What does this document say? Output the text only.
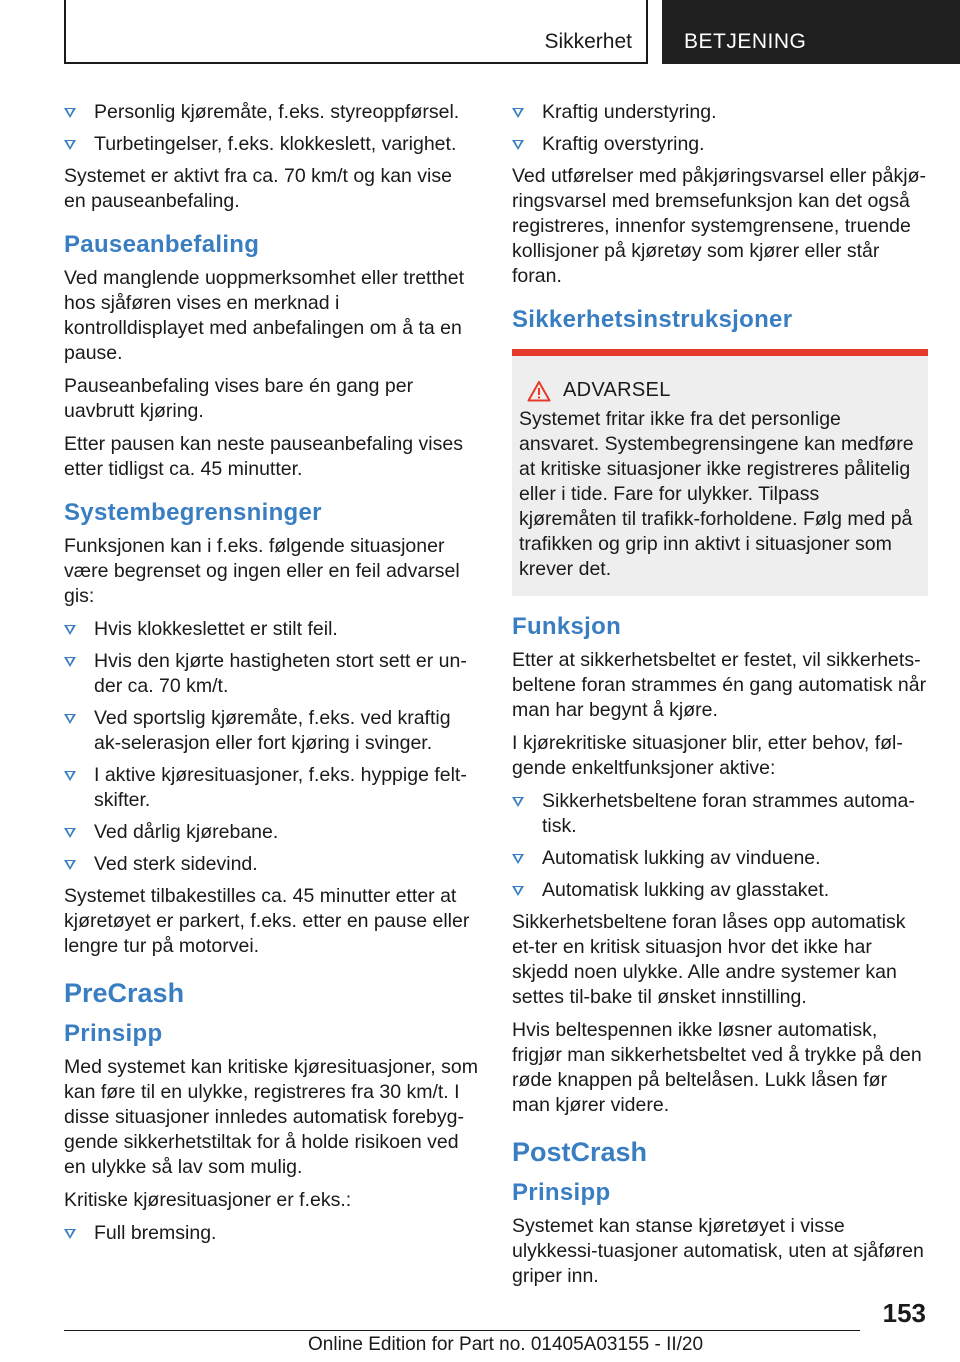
Sikkerhet BETJENING
Personlig kjøremåte, f.eks. styreoppførsel.
Turbetingelser, f.eks. klokkeslett, varighet.

Systemet er aktivt fra ca. 70 km/t og kan vise en pauseanbefaling.

Pauseanbefaling

Ved manglende uoppmerksomhet eller tretthet hos sjåføren vises en merknad i kontrolldisplayet med anbefalingen om å ta en pause.

Pauseanbefaling vises bare én gang per uavbrutt kjøring.

Etter pausen kan neste pauseanbefaling vises etter tidligst ca. 45 minutter.

Systembegrensninger

Funksjonen kan i f.eks. følgende situasjoner være begrenset og ingen eller en feil advarsel gis:

Hvis klokkeslettet er stilt feil.
Hvis den kjørte hastigheten stort sett er un-der ca. 70 km/t.
Ved sportslig kjøremåte, f.eks. ved kraftig ak-selerasjon eller fort kjøring i svinger.
I aktive kjøresituasjoner, f.eks. hyppige felt-skifter.
Ved dårlig kjørebane.
Ved sterk sidevind.

Systemet tilbakestilles ca. 45 minutter etter at kjøretøyet er parkert, f.eks. etter en pause eller lengre tur på motorvei.

PreCrash
Prinsipp

Med systemet kan kritiske kjøresituasjoner, som kan føre til en ulykke, registreres fra 30 km/t. I disse situasjoner innledes automatisk forebyg-gende sikkerhetstiltak for å holde risikoen ved en ulykke så lav som mulig.

Kritiske kjøresituasjoner er f.eks.:

Full bremsing.
Kraftig understyring.
Kraftig overstyring.

Ved utførelser med påkjøringsvarsel eller påkjø-ringsvarsel med bremsefunksjon kan det også registreres, innenfor systemgrensene, truende kollisjoner på kjøretøy som kjører eller står foran.

Sikkerhetsinstruksjoner
ADVARSEL

Systemet fritar ikke fra det personlige ansvaret. Systembegrensingene kan medføre at kritiske situasjoner ikke registreres pålitelig eller i tide. Fare for ulykker. Tilpass kjøremåten til trafikk-forholdene. Følg med på trafikken og grip inn aktivt i situasjoner som krever det.

Funksjon

Etter at sikkerhetsbeltet er festet, vil sikkerhets-beltene foran strammes én gang automatisk når man har begynt å kjøre.

I kjørekritiske situasjoner blir, etter behov, føl-gende enkeltfunksjoner aktive:

Sikkerhetsbeltene foran strammes automa-tisk.
Automatisk lukking av vinduene.
Automatisk lukking av glasstaket.

Sikkerhetsbeltene foran låses opp automatisk et-ter en kritisk situasjon hvor det ikke har skjedd noen ulykke. Alle andre systemer kan settes til-bake til ønsket innstilling.

Hvis beltespennen ikke løsner automatisk, frigjør man sikkerhetsbeltet ved å trykke på den røde knappen på beltelåsen. Lukk låsen før man kjører videre.

PostCrash
Prinsipp

Systemet kan stanse kjøretøyet i visse ulykkessi-tuasjoner automatisk, uten at sjåføren griper inn.

153
Online Edition for Part no. 01405A03155 - II/20
